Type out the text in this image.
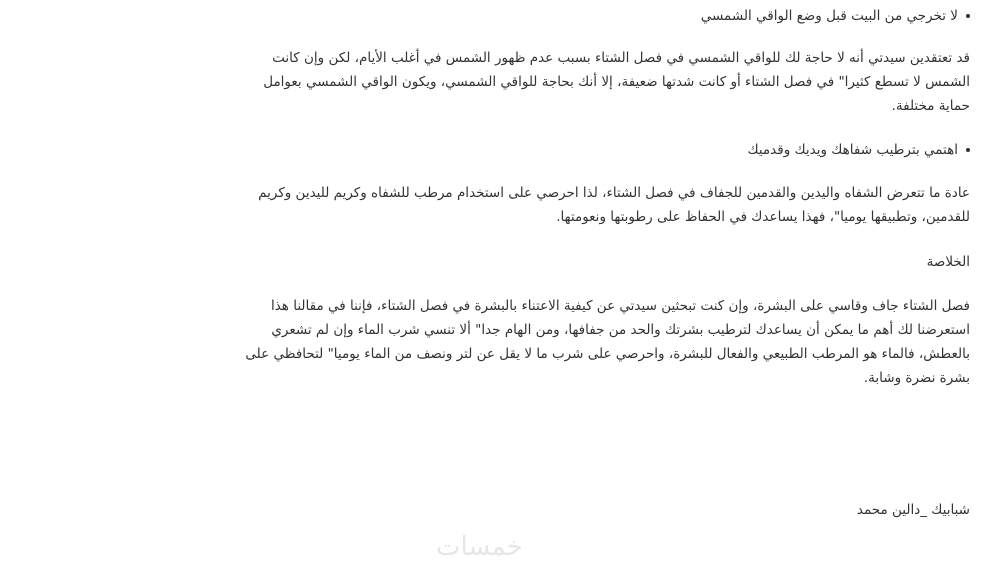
لا تخرجي من البيت قبل وضع الواقي الشمسي

قد تعتقدين سيدتي أنه لا حاجة لك للواقي الشمسي في فصل الشتاء بسبب عدم ظهور الشمس في أغلب الأيام، لكن وإن كانت

الشمس لا تسطع كثيرا" في فصل الشتاء أو كانت شدتها ضعيفة، إلا أنك بحاجة للواقي الشمسي، ويكون الواقي الشمسي بعوامل

حماية مختلفة.

اهتمي بترطيب شفاهك ويديك وقدميك

عادة ما تتعرض الشفاه واليدين والقدمين للجفاف في فصل الشتاء، لذا احرصي على استخدام مرطب للشفاه وكريم لليدين وكريم

للقدمين، وتطبيقها يوميا"، فهذا يساعدك في الحفاظ على رطوبتها ونعومتها.

الخلاصة

فصل الشتاء جاف وقاسي على البشرة، وإن كنت تبحثين سيدتي عن كيفية الاعتناء بالبشرة في فصل الشتاء، فإننا في مقالنا هذا

استعرضنا لك أهم ما يمكن أن يساعدك لترطيب بشرتك والحد من جفافها، ومن الهام جدا" ألا تنسي شرب الماء وإن لم تشعري

بالعطش، فالماء هو المرطب الطبيعي والفعال للبشرة، واحرصي على شرب ما لا يقل عن لتر ونصف من الماء يوميا" لتحافظي على

بشرة نضرة وشابة.

شبابيك _دالين محمد

خمسات
